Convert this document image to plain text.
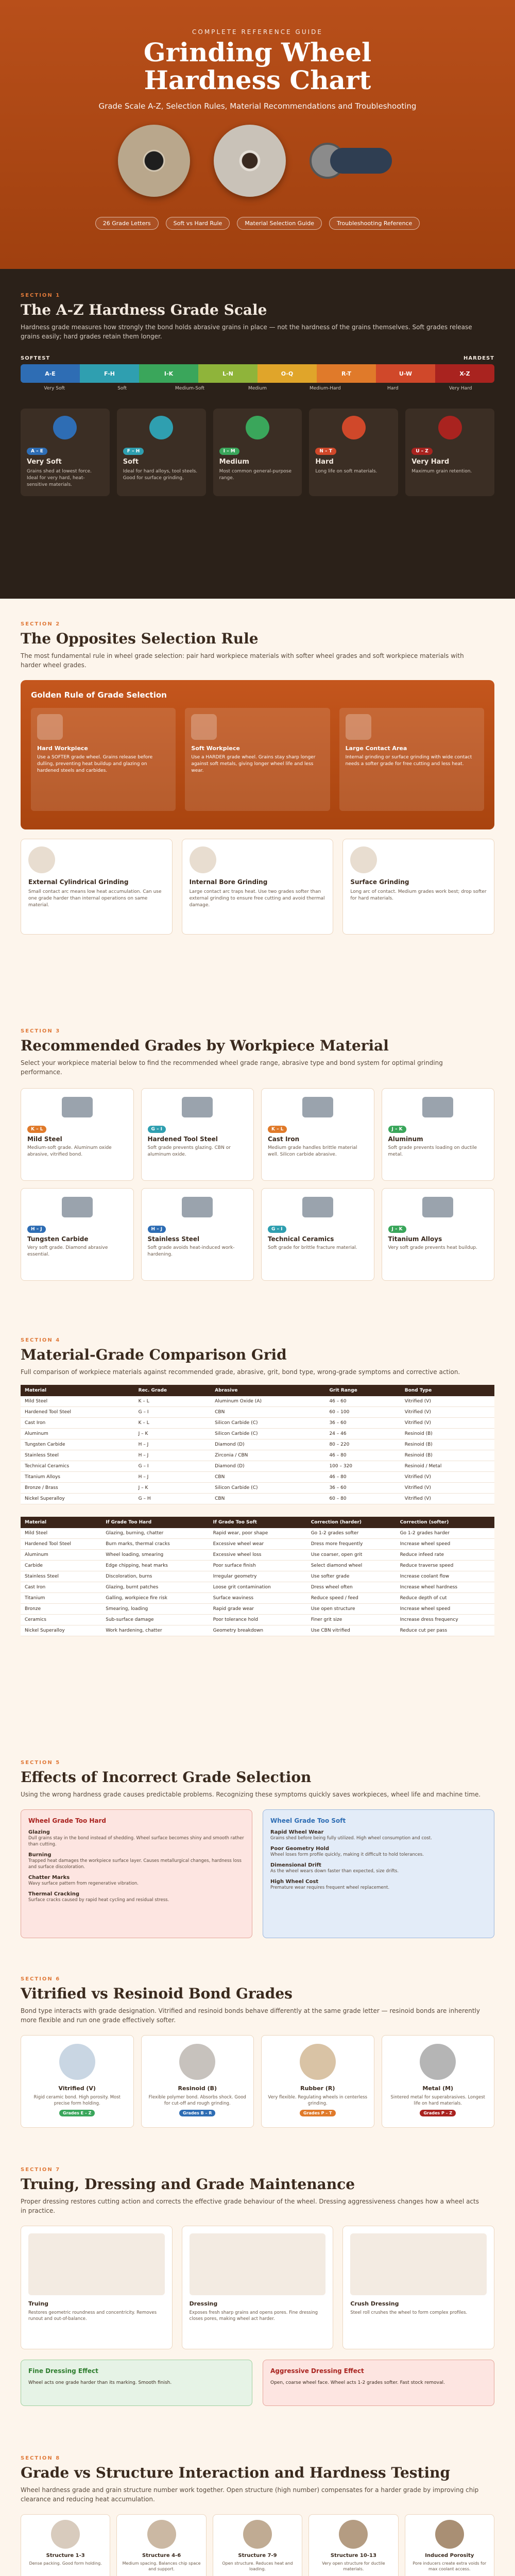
COMPLETE REFERENCE GUIDE
Grinding Wheel
Hardness Chart
Grade Scale A-Z, Selection Rules, Material Recommendations and Troubleshooting
26 Grade Letters	Soft vs Hard Rule	Material Selection Guide	Troubleshooting Reference
SECTION 1
The A-Z Hardness Grade Scale
Hardness grade measures how strongly the bond holds abrasive grains in place — not the hardness of the grains themselves. Soft grades release grains easily; hard grades retain them longer.
SOFTEST	HARDEST
A-E	F-H	I-K	L-N	O-Q	R-T	U-W	X-Z
Very Soft	Soft	Medium-Soft	Medium	Medium-Hard	Hard	Very Hard
A – E
Very Soft
Grains shed at lowest force. Ideal for very hard, heat-sensitive materials.
F – H
Soft
Ideal for hard alloys, tool steels. Good for surface grinding.
I – M
Medium
Most common general-purpose range.
N – T
Hard
Long life on soft materials.
U – Z
Very Hard
Maximum grain retention.
SECTION 2
The Opposites Selection Rule
The most fundamental rule in wheel grade selection: pair hard workpiece materials with softer wheel grades and soft workpiece materials with harder wheel grades.
Golden Rule of Grade Selection
Hard Workpiece

Use a SOFTER grade wheel. Grains release before dulling, preventing heat buildup and glazing on hardened steels and carbides.

Soft Workpiece

Use a HARDER grade wheel. Grains stay sharp longer against soft metals, giving longer wheel life and less wear.

Large Contact Area

Internal grinding or surface grinding with wide contact needs a softer grade for free cutting and less heat.

External Cylindrical Grinding

Small contact arc means low heat accumulation. Can use one grade harder than internal operations on same material.

Internal Bore Grinding

Large contact arc traps heat. Use two grades softer than external grinding to ensure free cutting and avoid thermal damage.

Surface Grinding

Long arc of contact. Medium grades work best; drop softer for hard materials.

SECTION 3
Recommended Grades by Workpiece Material
Select your workpiece material below to find the recommended wheel grade range, abrasive type and bond system for optimal grinding performance.
K – L
Mild Steel

Medium-soft grade. Aluminum oxide abrasive, vitrified bond.

G – I
Hardened Tool Steel

Soft grade prevents glazing. CBN or aluminum oxide.

K – L
Cast Iron

Medium grade handles brittle material well. Silicon carbide abrasive.

J – K
Aluminum

Soft grade prevents loading on ductile metal.

H – J
Tungsten Carbide

Very soft grade. Diamond abrasive essential.

H – J
Stainless Steel

Soft grade avoids heat-induced work-hardening.

G – I
Technical Ceramics

Soft grade for brittle fracture material.

J – K
Titanium Alloys

Very soft grade prevents heat buildup.

SECTION 4
Material-Grade Comparison Grid
Full comparison of workpiece materials against recommended grade, abrasive, grit, bond type, wrong-grade symptoms and corrective action.
Material	Rec. Grade	Abrasive	Grit Range	Bond Type
Mild Steel	K – L	Aluminum Oxide (A)	46 – 60	Vitrified (V)
Hardened Tool Steel	G – I	CBN	60 – 100	Vitrified (V)
Cast Iron	K – L	Silicon Carbide (C)	36 – 60	Vitrified (V)
Aluminum	J – K	Silicon Carbide (C)	24 – 46	Resinoid (B)
Tungsten Carbide	H – J	Diamond (D)	80 – 220	Resinoid (B)
Stainless Steel	H – J	Zirconia / CBN	46 – 80	Resinoid (B)
Technical Ceramics	G – I	Diamond (D)	100 – 320	Resinoid / Metal
Titanium Alloys	H – J	CBN	46 – 80	Vitrified (V)
Bronze / Brass	J – K	Silicon Carbide (C)	36 – 60	Vitrified (V)
Nickel Superalloy	G – H	CBN	60 – 80	Vitrified (V)
Material	If Grade Too Hard	If Grade Too Soft	Correction (harder)	Correction (softer)
Mild Steel	Glazing, burning, chatter	Rapid wear, poor shape	Go 1-2 grades softer	Go 1-2 grades harder
Hardened Tool Steel	Burn marks, thermal cracks	Excessive wheel wear	Dress more frequently	Increase wheel speed
Aluminum	Wheel loading, smearing	Excessive wheel loss	Use coarser, open grit	Reduce infeed rate
Carbide	Edge chipping, heat marks	Poor surface finish	Select diamond wheel	Reduce traverse speed
Stainless Steel	Discoloration, burns	Irregular geometry	Use softer grade	Increase coolant flow
Cast Iron	Glazing, burnt patches	Loose grit contamination	Dress wheel often	Increase wheel hardness
Titanium	Galling, workpiece fire risk	Surface waviness	Reduce speed / feed	Reduce depth of cut
Bronze	Smearing, loading	Rapid grade wear	Use open structure	Increase wheel speed
Ceramics	Sub-surface damage	Poor tolerance hold	Finer grit size	Increase dress frequency
Nickel Superalloy	Work hardening, chatter	Geometry breakdown	Use CBN vitrified	Reduce cut per pass
SECTION 5
Effects of Incorrect Grade Selection
Using the wrong hardness grade causes predictable problems. Recognizing these symptoms quickly saves workpieces, wheel life and machine time.
Wheel Grade Too Hard
Glazing

Dull grains stay in the bond instead of shedding. Wheel surface becomes shiny and smooth rather than cutting.

Burning

Trapped heat damages the workpiece surface layer. Causes metallurgical changes, hardness loss and surface discoloration.

Chatter Marks

Wavy surface pattern from regenerative vibration.

Thermal Cracking

Surface cracks caused by rapid heat cycling and residual stress.

Wheel Grade Too Soft
Rapid Wheel Wear

Grains shed before being fully utilized. High wheel consumption and cost.

Poor Geometry Hold

Wheel loses form profile quickly, making it difficult to hold tolerances.

Dimensional Drift

As the wheel wears down faster than expected, size drifts.

High Wheel Cost

Premature wear requires frequent wheel replacement.

SECTION 6
Vitrified vs Resinoid Bond Grades
Bond type interacts with grade designation. Vitrified and resinoid bonds behave differently at the same grade letter — resinoid bonds are inherently more flexible and run one grade effectively softer.
Vitrified (V)

Rigid ceramic bond. High porosity. Most precise form holding.

Grades E – Z
Resinoid (B)

Flexible polymer bond. Absorbs shock. Good for cut-off and rough grinding.

Grades B – R
Rubber (R)

Very flexible. Regulating wheels in centerless grinding.

Grades P – T
Metal (M)

Sintered metal for superabrasives. Longest life on hard materials.

Grades P – Z
SECTION 7
Truing, Dressing and Grade Maintenance
Proper dressing restores cutting action and corrects the effective grade behaviour of the wheel. Dressing aggressiveness changes how a wheel acts in practice.
Truing

Restores geometric roundness and concentricity. Removes runout and out-of-balance.

Dressing

Exposes fresh sharp grains and opens pores. Fine dressing closes pores, making wheel act harder.

Crush Dressing

Steel roll crushes the wheel to form complex profiles.

Fine Dressing Effect

Wheel acts one grade harder than its marking. Smooth finish.

Aggressive Dressing Effect

Open, coarse wheel face. Wheel acts 1-2 grades softer. Fast stock removal.

SECTION 8
Grade vs Structure Interaction and Hardness Testing
Wheel hardness grade and grain structure number work together. Open structure (high number) compensates for a harder grade by improving chip clearance and reducing heat accumulation.
Structure 1-3

Dense packing. Good form holding.

Structure 4-6

Medium spacing. Balances chip space and support.

Structure 7-9

Open structure. Reduces heat and loading.

Structure 10-13

Very open structure for ductile materials.

Induced Porosity

Pore inducers create extra voids for max coolant access.
